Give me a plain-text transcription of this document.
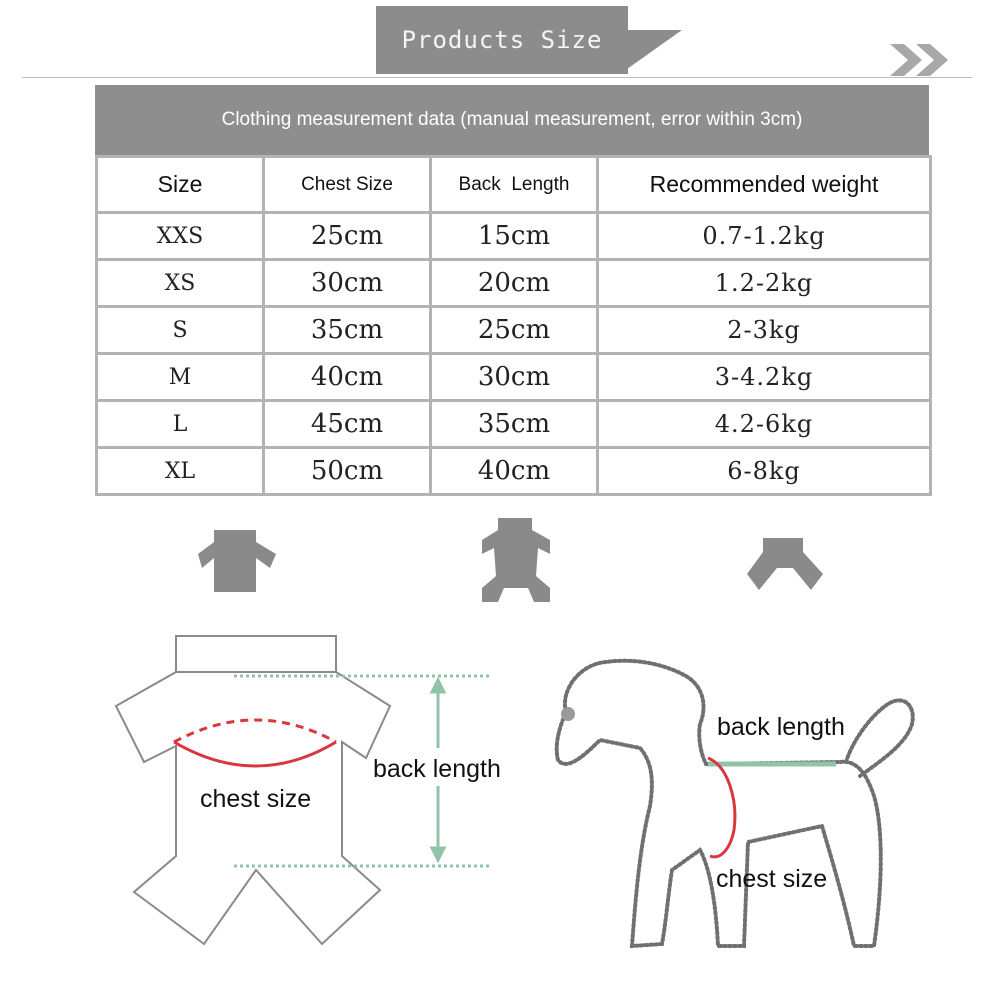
Products Size
Clothing measurement data (manual measurement, error within 3cm)
Size	Chest Size	Back  Length	Recommended weight
XXS	25cm	15cm	0.7-1.2kg
XS	30cm	20cm	1.2-2kg
S	35cm	25cm	2-3kg
M	40cm	30cm	3-4.2kg
L	45cm	35cm	4.2-6kg
XL	50cm	40cm	6-8kg
back length
chest size
back length
chest size
